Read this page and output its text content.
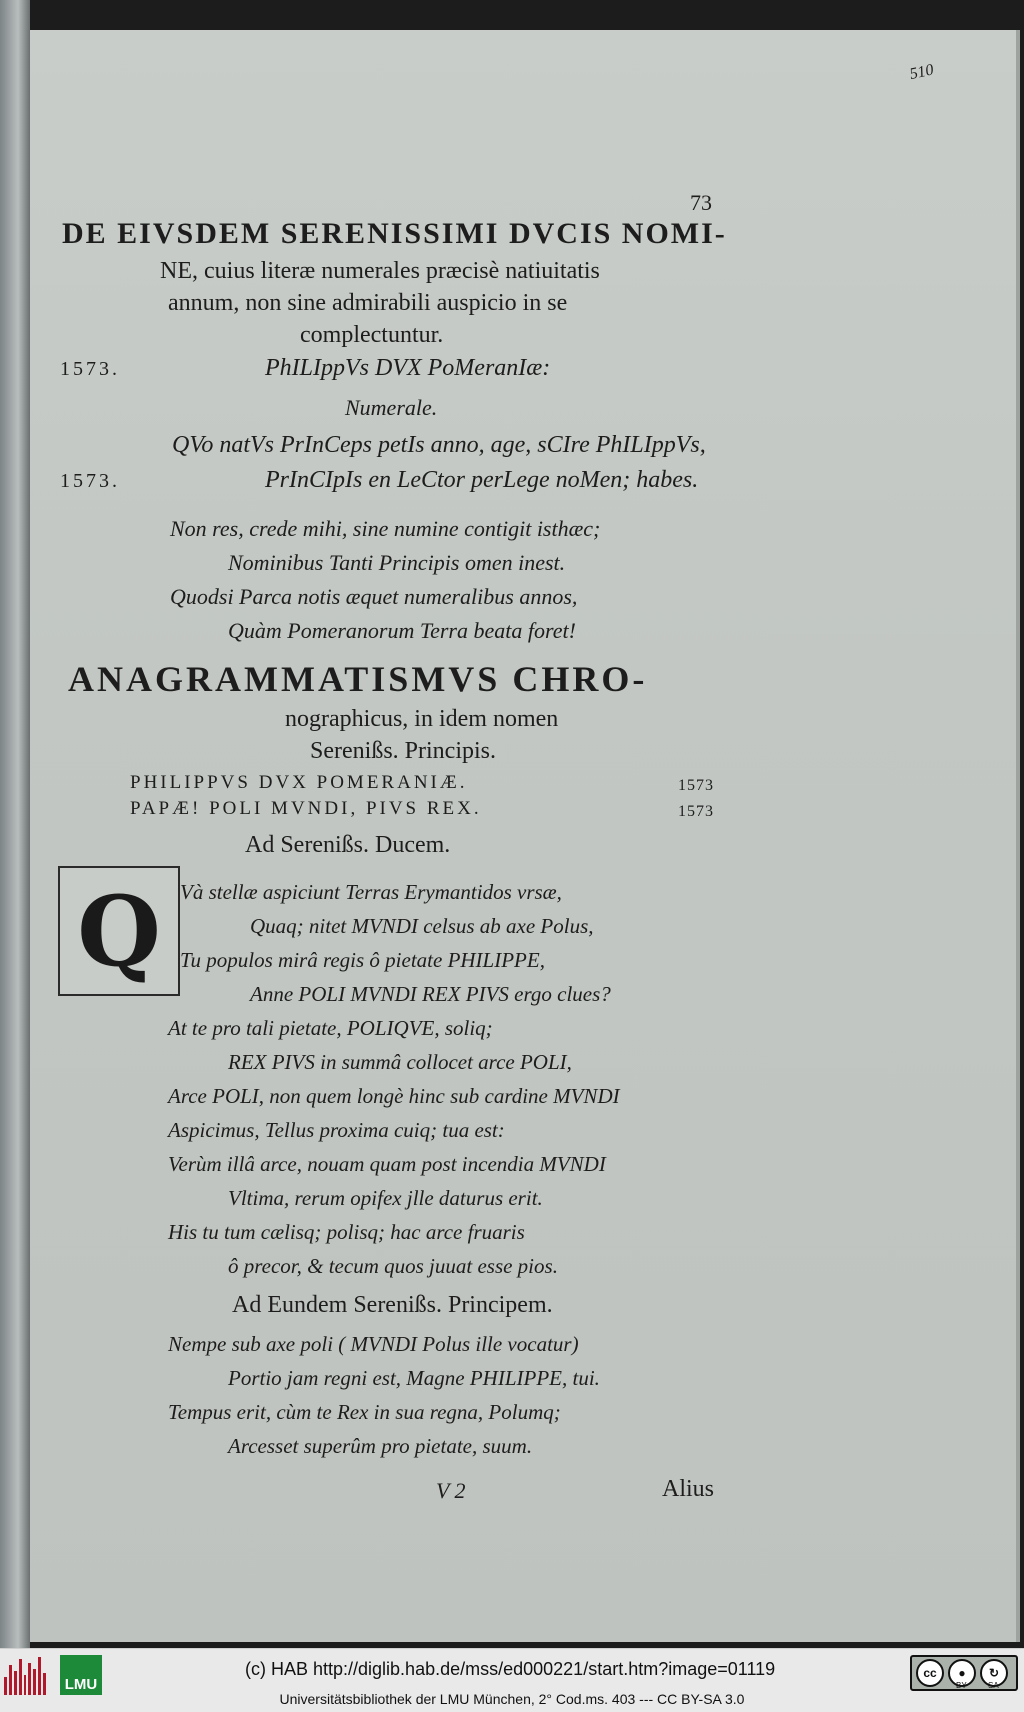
510
73
DE EIVSDEM SERENISSIMI DVCIS NOMI-
NE, cuius literæ numerales præcisè natiuitatis
annum, non sine admirabili auspicio in se
complectuntur.
1573.	PhILIppVs DVX PoMeranIæ:
Numerale.
QVo natVs PrInCeps petIs anno, age, sCIre PhILIppVs,
1573.	PrInCIpIs en LeCtor perLege noMen; habes.
Non res, crede mihi, sine numine contigit isthæc;
Nominibus Tanti Principis omen inest.
Quodsi Parca notis æquet numeralibus annos,
Quàm Pomeranorum Terra beata foret!
ANAGRAMMATISMVS CHRO-
nographicus, in idem nomen
Serenißs. Principis.
PHILIPPVS DVX POMERANIÆ.	1573
PAPÆ! POLI MVNDI, PIVS REX.	1573
Ad Serenißs. Ducem.
Q Và stellæ aspiciunt Terras Erymantidos vrsæ,
Quaq; nitet MVNDI celsus ab axe Polus,
Tu populos mirâ regis ô pietate PHILIPPE,
Anne POLI MVNDI REX PIVS ergo clues?
At te pro tali pietate, POLIQVE, soliq;
REX PIVS in summâ collocet arce POLI,
Arce POLI, non quem longè hinc sub cardine MVNDI
Aspicimus, Tellus proxima cuiq; tua est:
Verùm illâ arce, nouam quam post incendia MVNDI
Vltima, rerum opifex jlle daturus erit.
His tu tum cælisq; polisq; hac arce fruaris
ô precor, & tecum quos juuat esse pios.
Ad Eundem Serenißs. Principem.
Nempe sub axe poli ( MVNDI Polus ille vocatur)
Portio jam regni est, Magne PHILIPPE, tui.
Tempus erit, cùm te Rex in sua regna, Polumq;
Arcesset superûm pro pietate, suum.
V 2	Alius
LMU
(c) HAB http://diglib.hab.de/mss/ed000221/start.htm?image=01119	cc	●	↻
BY	SA
Universitätsbibliothek der LMU München, 2° Cod.ms. 403 --- CC BY-SA 3.0
